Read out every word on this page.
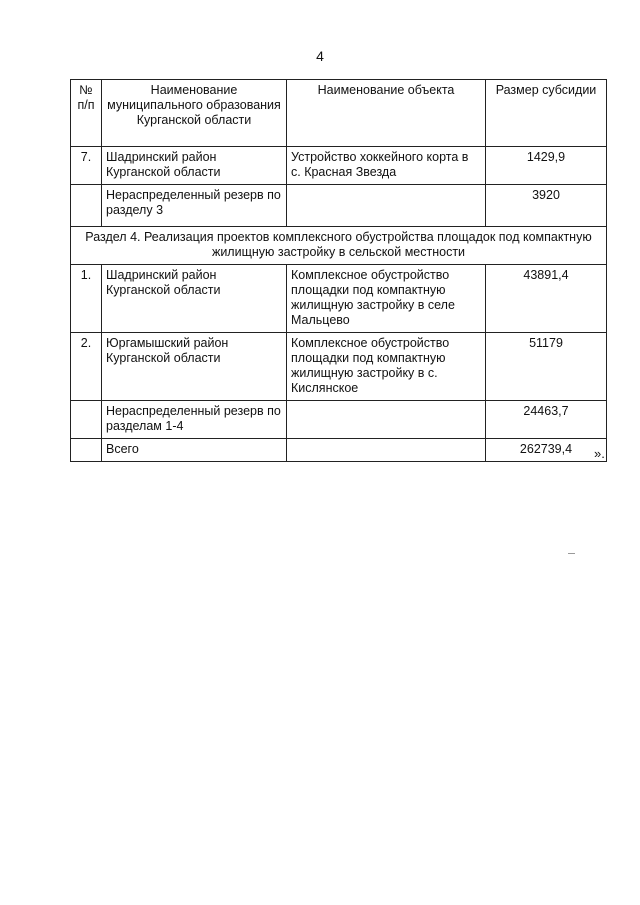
4
№ п/п	Наименование муниципального образования Курганской области	Наименование объекта	Размер субсидии
7.	Шадринский район Курганской области	Устройство хоккейного корта в с. Красная Звезда	1429,9
	Нераспределенный резерв по разделу 3		3920
Раздел 4. Реализация проектов комплексного обустройства площадок под компактную жилищную застройку в сельской местности			
1.	Шадринский район Курганской области	Комплексное обустройство площадки под компактную жилищную застройку в селе Мальцево	43891,4
2.	Юргамышский район Курганской области	Комплексное обустройство площадки под компактную жилищную застройку в с. Кислянское	51179
	Нераспределенный резерв по разделам 1-4		24463,7
	Всего		262739,4 ».
